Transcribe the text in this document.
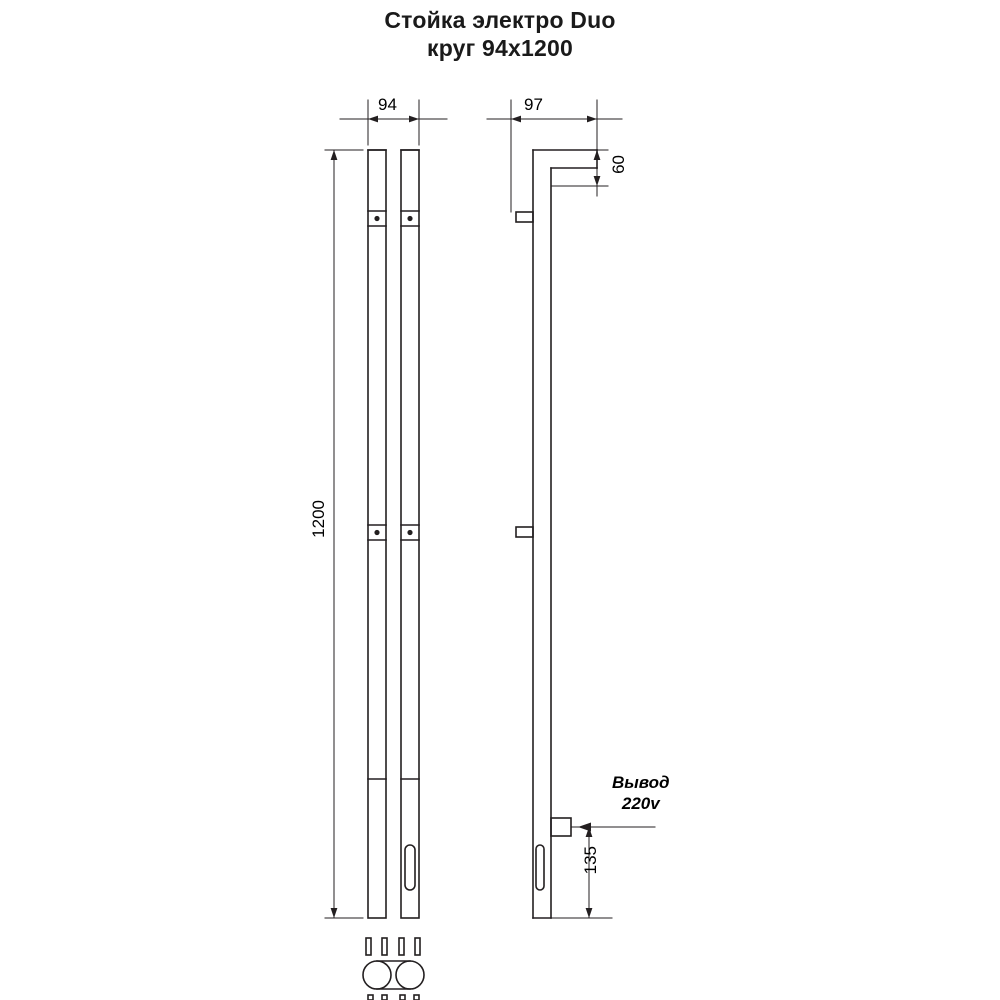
Стойка электро Duo
круг 94х1200
94	97
60
1200
135
Вывод
220v
